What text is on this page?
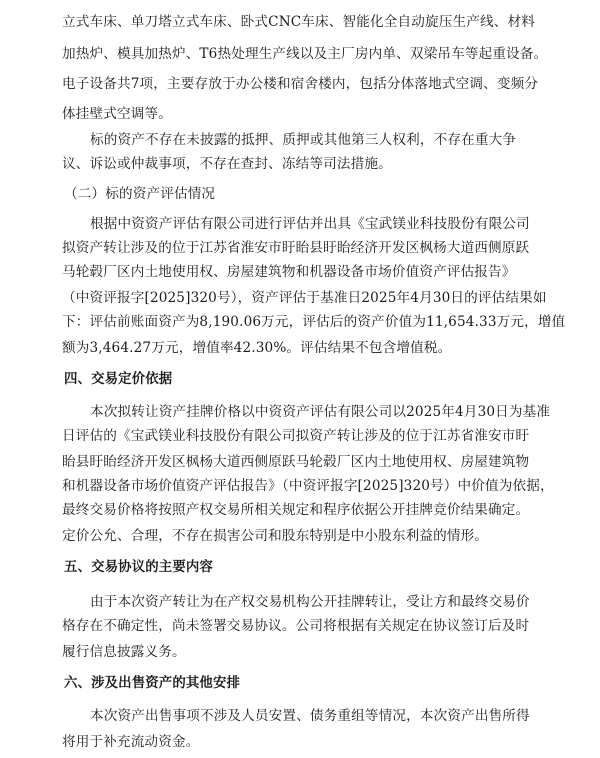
立式车床、单刀塔立式车床、卧式CNC车床、智能化全自动旋压生产线、材料
加热炉、模具加热炉、T6热处理生产线以及主厂房内单、双梁吊车等起重设备。
电子设备共7项，主要存放于办公楼和宿舍楼内，包括分体落地式空调、变频分
体挂壁式空调等。
标的资产不存在未披露的抵押、质押或其他第三人权利，不存在重大争
议、诉讼或仲裁事项，不存在查封、冻结等司法措施。
（二）标的资产评估情况
根据中资资产评估有限公司进行评估并出具《宝武镁业科技股份有限公司
拟资产转让涉及的位于江苏省淮安市盱眙县盱眙经济开发区枫杨大道西侧原跃
马轮毂厂区内土地使用权、房屋建筑物和机器设备市场价值资产评估报告》
（中资评报字[2025]320号），资产评估于基准日2025年4月30日的评估结果如
下：评估前账面资产为8,190.06万元，评估后的资产价值为11,654.33万元，增值
额为3,464.27万元，增值率42.30%。评估结果不包含增值税。
四、交易定价依据
本次拟转让资产挂牌价格以中资资产评估有限公司以2025年4月30日为基准
日评估的《宝武镁业科技股份有限公司拟资产转让涉及的位于江苏省淮安市盱
眙县盱眙经济开发区枫杨大道西侧原跃马轮毂厂区内土地使用权、房屋建筑物
和机器设备市场价值资产评估报告》（中资评报字[2025]320号）中价值为依据，
最终交易价格将按照产权交易所相关规定和程序依据公开挂牌竞价结果确定。
定价公允、合理，不存在损害公司和股东特别是中小股东利益的情形。
五、交易协议的主要内容
由于本次资产转让为在产权交易机构公开挂牌转让，受让方和最终交易价
格存在不确定性，尚未签署交易协议。公司将根据有关规定在协议签订后及时
履行信息披露义务。
六、涉及出售资产的其他安排
本次资产出售事项不涉及人员安置、债务重组等情况，本次资产出售所得
将用于补充流动资金。
